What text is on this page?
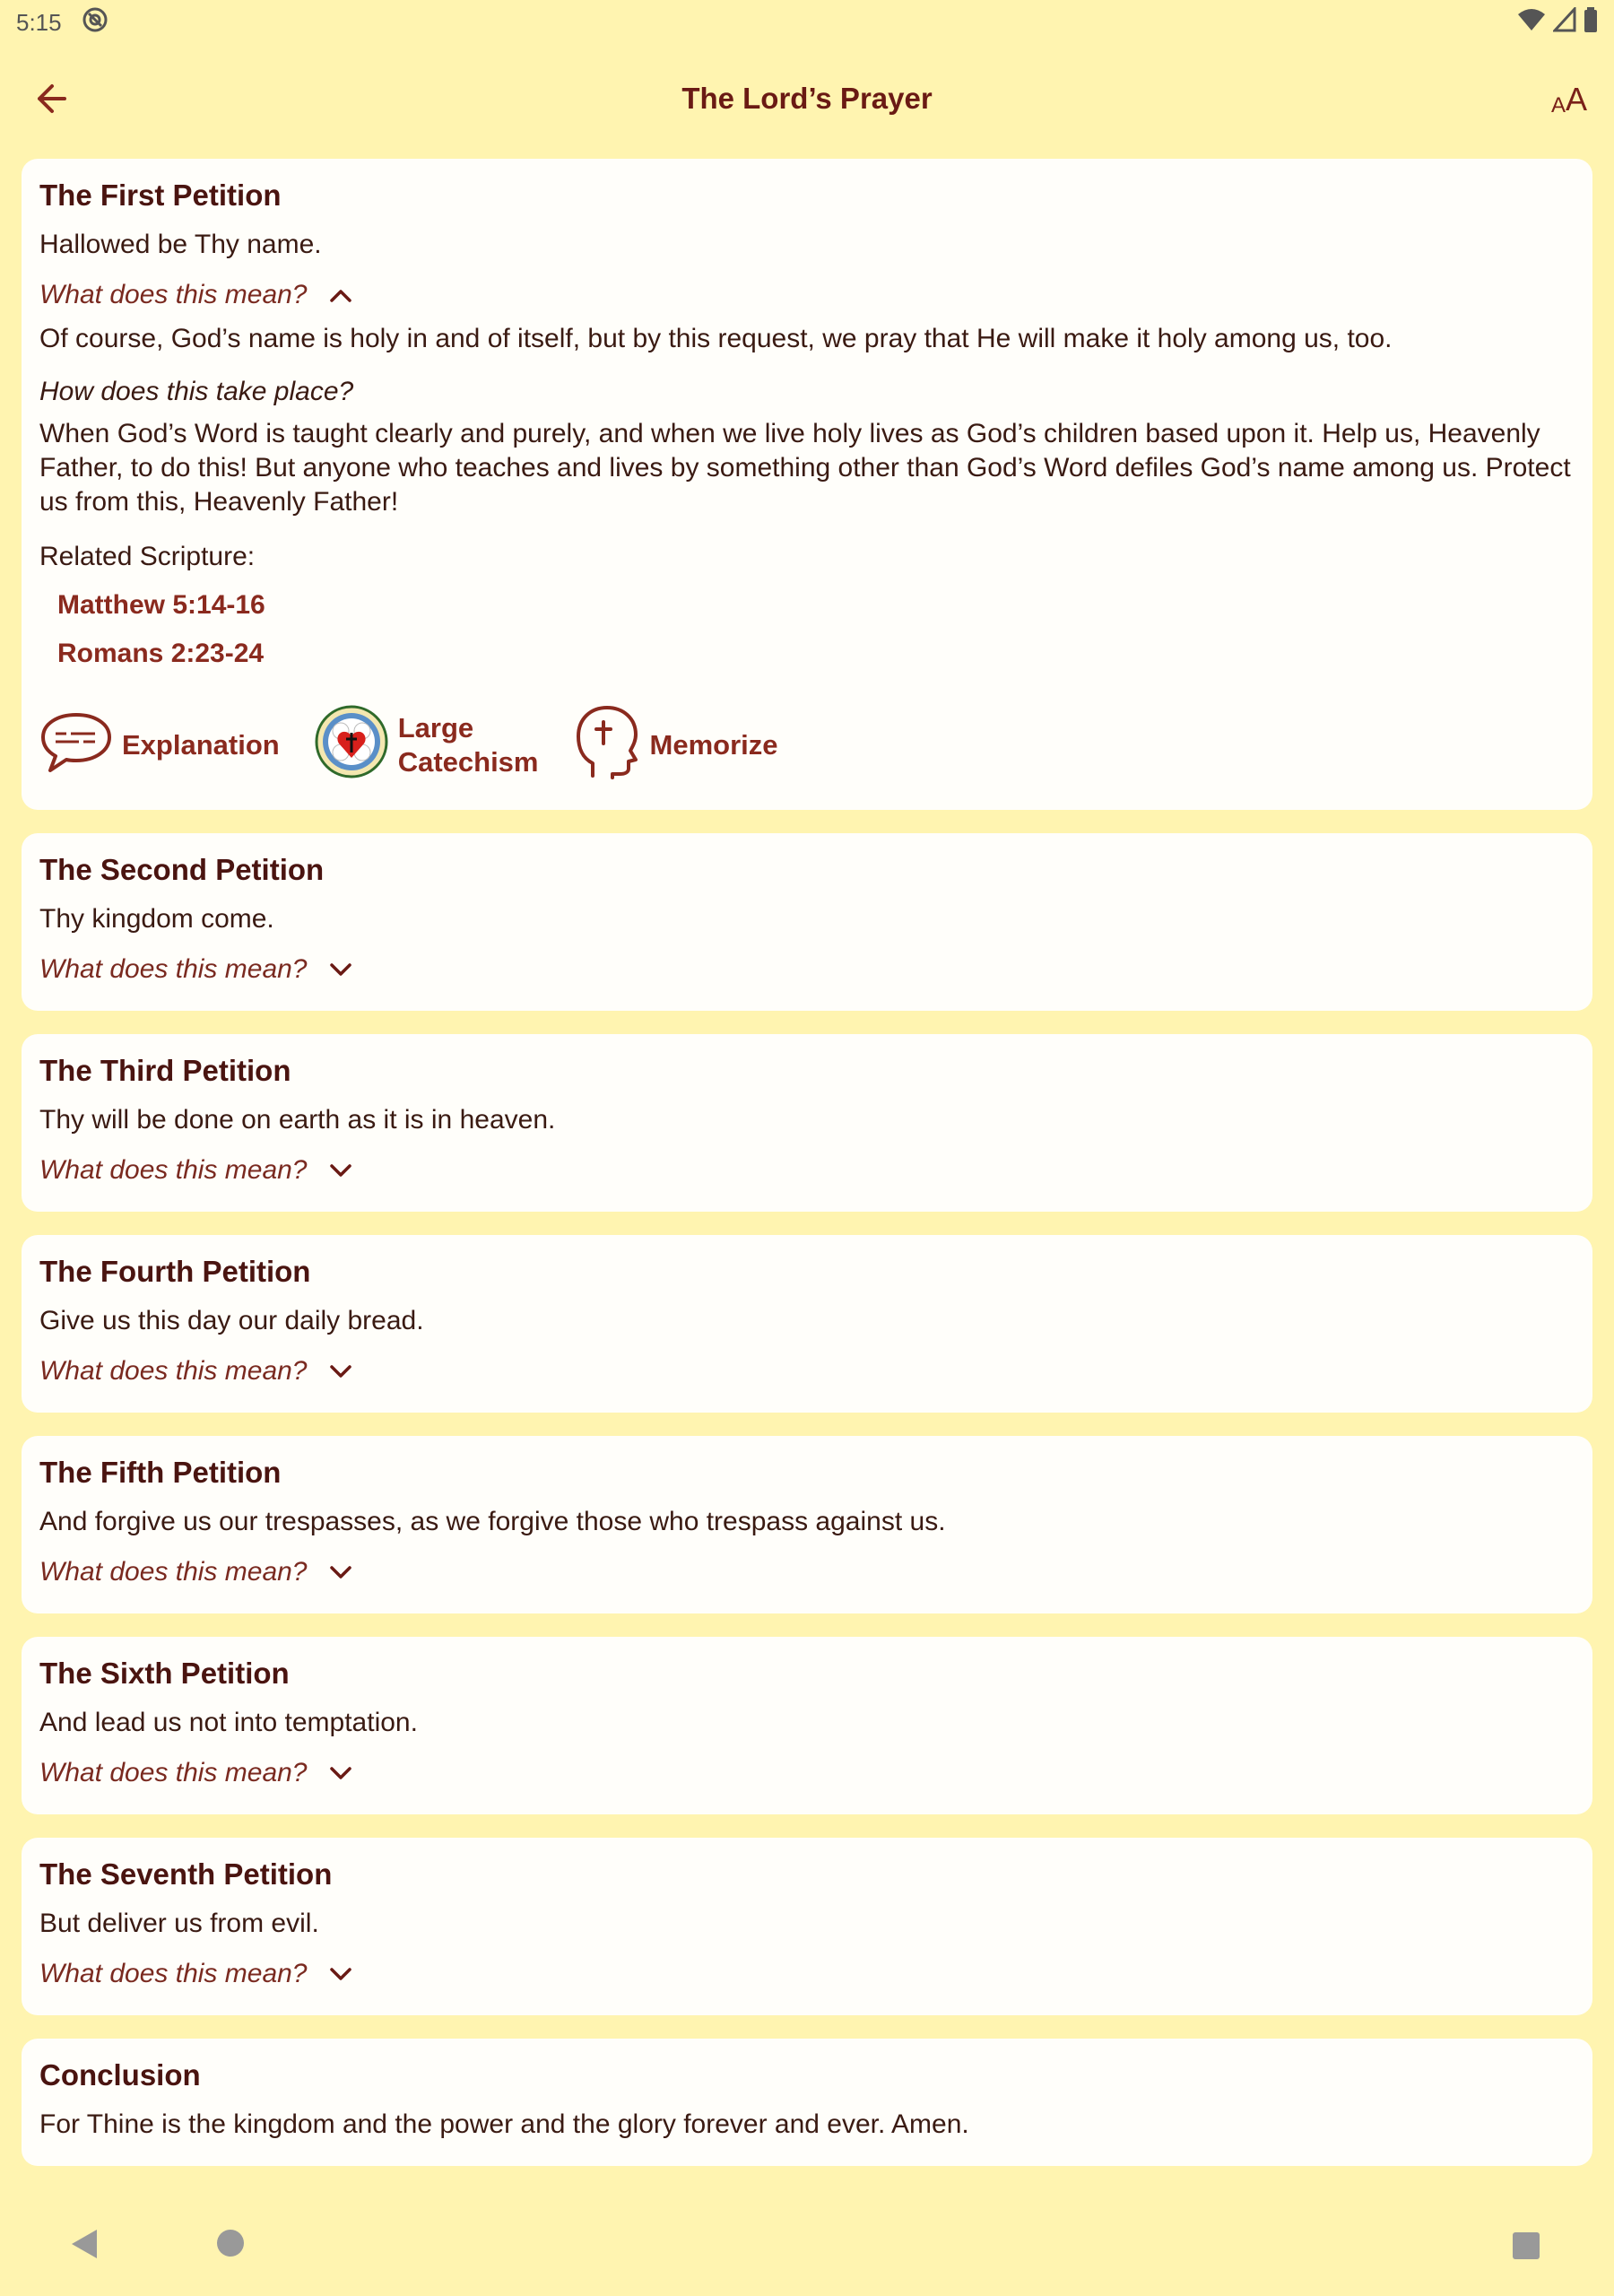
5:15
The Lord’s Prayer	A A
The First Petition
Hallowed be Thy name.
What does this mean?
Of course, God’s name is holy in and of itself, but by this request, we pray that He will make it holy among us, too.
How does this take place?
When God’s Word is taught clearly and purely, and when we live holy lives as God’s children based upon it. Help us, Heavenly Father, to do this! But anyone who teaches and lives by something other than God’s Word defiles God’s name among us. Protect us from this, Heavenly Father!
Related Scripture:
Matthew 5:14-16
Romans 2:23-24
Explanation
Large
Catechism
Memorize
The Second Petition
Thy kingdom come.
What does this mean?
The Third Petition
Thy will be done on earth as it is in heaven.
What does this mean?
The Fourth Petition
Give us this day our daily bread.
What does this mean?
The Fifth Petition
And forgive us our trespasses, as we forgive those who trespass against us.
What does this mean?
The Sixth Petition
And lead us not into temptation.
What does this mean?
The Seventh Petition
But deliver us from evil.
What does this mean?
Conclusion
For Thine is the kingdom and the power and the glory forever and ever. Amen.
